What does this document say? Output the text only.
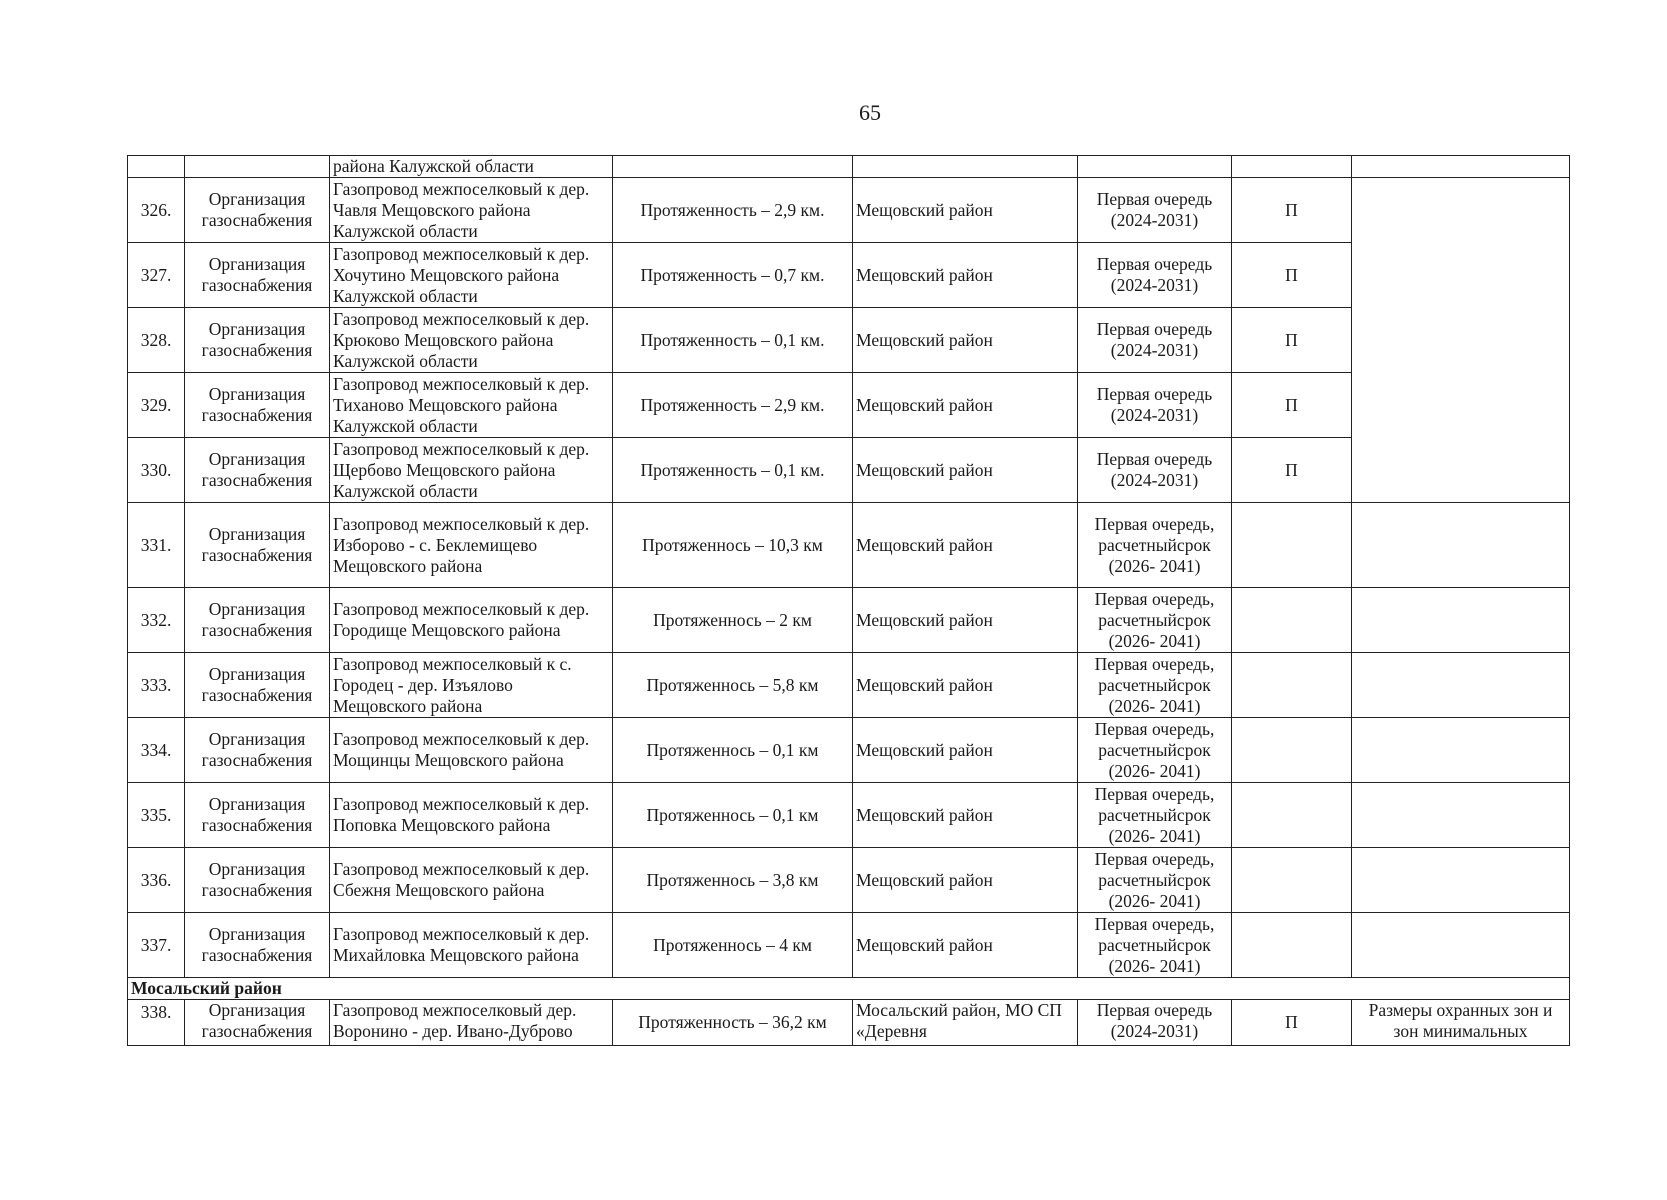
65
		района Калужской области					
326.	Организация газоснабжения	Газопровод межпоселковый к дер. Чавля Мещовского района Калужской области	Протяженность – 2,9 км.	Мещовский район	Первая очередь (2024-2031)	П	
327.	Организация газоснабжения	Газопровод межпоселковый к дер. Хочутино Мещовского района Калужской области	Протяженность – 0,7 км.	Мещовский район	Первая очередь (2024-2031)	П	
328.	Организация газоснабжения	Газопровод межпоселковый к дер. Крюково Мещовского района Калужской области	Протяженность – 0,1 км.	Мещовский район	Первая очередь (2024-2031)	П	
329.	Организация газоснабжения	Газопровод межпоселковый к дер. Тиханово Мещовского района Калужской области	Протяженность – 2,9 км.	Мещовский район	Первая очередь (2024-2031)	П	
330.	Организация газоснабжения	Газопровод межпоселковый к дер. Щербово Мещовского района Калужской области	Протяженность – 0,1 км.	Мещовский район	Первая очередь (2024-2031)	П	
331.	Организация газоснабжения	Газопровод межпоселковый к дер. Изборово - с. Беклемищево Мещовского района	Протяженнось – 10,3 км	Мещовский район	Первая очередь, расчетныйсрок (2026- 2041)		
332.	Организация газоснабжения	Газопровод межпоселковый к дер. Городище Мещовского района	Протяженнось – 2 км	Мещовский район	Первая очередь, расчетныйсрок (2026- 2041)		
333.	Организация газоснабжения	Газопровод межпоселковый к с. Городец - дер. Изъялово Мещовского района	Протяженнось – 5,8 км	Мещовский район	Первая очередь, расчетныйсрок (2026- 2041)		
334.	Организация газоснабжения	Газопровод межпоселковый к дер. Мощинцы Мещовского района	Протяженнось – 0,1 км	Мещовский район	Первая очередь, расчетныйсрок (2026- 2041)		
335.	Организация газоснабжения	Газопровод межпоселковый к дер. Поповка Мещовского района	Протяженнось – 0,1 км	Мещовский район	Первая очередь, расчетныйсрок (2026- 2041)		
336.	Организация газоснабжения	Газопровод межпоселковый к дер. Сбежня Мещовского района	Протяженнось – 3,8 км	Мещовский район	Первая очередь, расчетныйсрок (2026- 2041)		
337.	Организация газоснабжения	Газопровод межпоселковый к дер. Михайловка Мещовского района	Протяженнось – 4 км	Мещовский район	Первая очередь, расчетныйсрок (2026- 2041)		
Мосальский район							
338.	Организация газоснабжения	Газопровод межпоселковый дер. Воронино - дер. Ивано-Дуброво	Протяженность – 36,2 км	Мосальский район, МО СП «Деревня	Первая очередь (2024-2031)	П	Размеры охранных зон и зон минимальных
